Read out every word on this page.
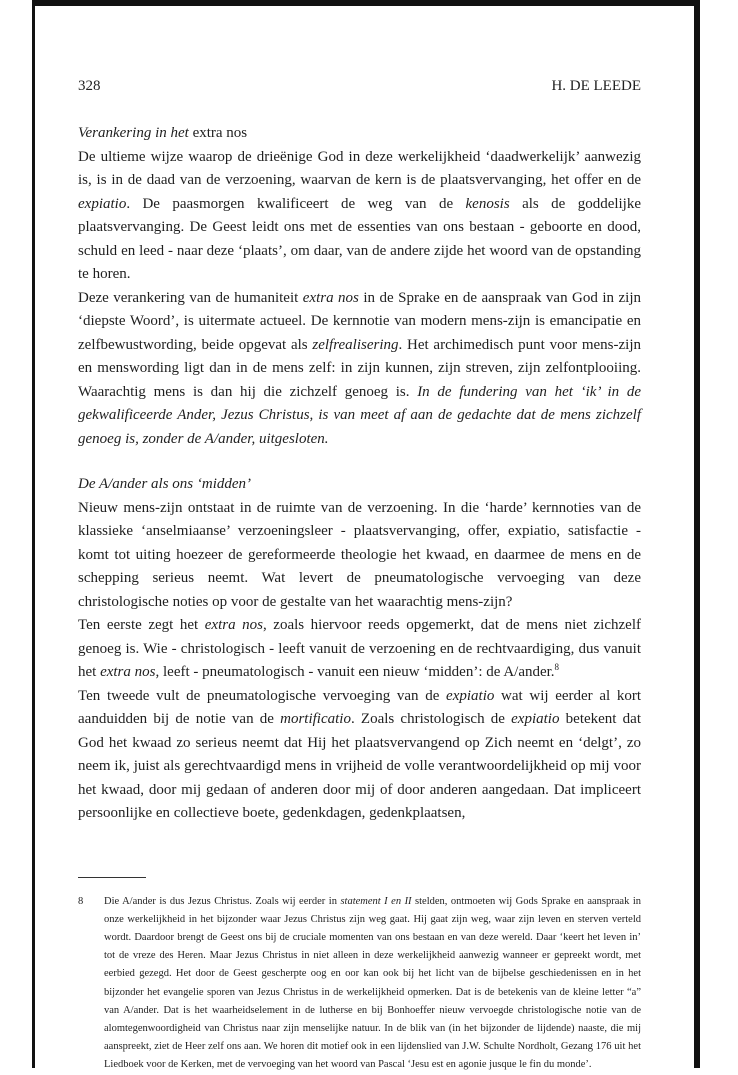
328	H. DE LEEDE

Verankering in het extra nos

De ultieme wijze waarop de drieënige God in deze werkelijkheid ‘daadwerkelijk’ aanwezig is, is in de daad van de verzoening, waarvan de kern is de plaatsvervanging, het offer en de expiatio. De paasmorgen kwalificeert de weg van de kenosis als de goddelijke plaatsvervanging. De Geest leidt ons met de essenties van ons bestaan - geboorte en dood, schuld en leed - naar deze ‘plaats’, om daar, van de andere zijde het woord van de opstanding te horen.

Deze verankering van de humaniteit extra nos in de Sprake en de aanspraak van God in zijn ‘diepste Woord’, is uitermate actueel. De kernnotie van modern mens-zijn is emancipatie en zelfbewustwording, beide opgevat als zelfrealisering. Het archimedisch punt voor mens-zijn en menswording ligt dan in de mens zelf: in zijn kunnen, zijn streven, zijn zelfontplooiing. Waarachtig mens is dan hij die zichzelf genoeg is. In de fundering van het ‘ik’ in de gekwalificeerde Ander, Jezus Christus, is van meet af aan de gedachte dat de mens zichzelf genoeg is, zonder de A/ander, uitgesloten.

De A/ander als ons ‘midden’

Nieuw mens-zijn ontstaat in de ruimte van de verzoening. In die ‘harde’ kernnoties van de klassieke ‘anselmiaanse’ verzoeningsleer - plaatsvervanging, offer, expiatio, satisfactie - komt tot uiting hoezeer de gereformeerde theologie het kwaad, en daarmee de mens en de schepping serieus neemt. Wat levert de pneumatologische vervoeging van deze christologische noties op voor de gestalte van het waarachtig mens-zijn?

Ten eerste zegt het extra nos, zoals hiervoor reeds opgemerkt, dat de mens niet zichzelf genoeg is. Wie - christologisch - leeft vanuit de verzoening en de rechtvaardiging, dus vanuit het extra nos, leeft - pneumatologisch - vanuit een nieuw ‘midden’: de A/ander.$^8$

Ten tweede vult de pneumatologische vervoeging van de expiatio wat wij eerder al kort aanduidden bij de notie van de mortificatio. Zoals christologisch de expiatio betekent dat God het kwaad zo serieus neemt dat Hij het plaatsvervangend op Zich neemt en ‘delgt’, zo neem ik, juist als gerechtvaardigd mens in vrijheid de volle verantwoordelijkheid op mij voor het kwaad, door mij gedaan of anderen door mij of door anderen aangedaan. Dat impliceert persoonlijke en collectieve boete, gedenkdagen, gedenkplaatsen,

8	Die A/ander is dus Jezus Christus. Zoals wij eerder in statement I en II stelden, ontmoeten wij Gods Sprake en aanspraak in onze werkelijkheid in het bijzonder waar Jezus Christus zijn weg gaat. Hij gaat zijn weg, waar zijn leven en sterven verteld wordt. Daardoor brengt de Geest ons bij de cruciale momenten van ons bestaan en van deze wereld. Daar ‘keert het leven in’ tot de vreze des Heren. Maar Jezus Christus in niet alleen in deze werkelijkheid aanwezig wanneer er gepreekt wordt, met eerbied gezegd. Het door de Geest gescherpte oog en oor kan ook bij het licht van de bijbelse geschiedenissen en in het bijzonder het evangelie sporen van Jezus Christus in de werkelijkheid opmerken. Dat is de betekenis van de kleine letter “a” van A/ander. Dat is het waarheidselement in de lutherse en bij Bonhoeffer nieuw vervoegde christologische notie van de alomtegenwoordigheid van Christus naar zijn menselijke natuur. In de blik van (in het bijzonder de lijdende) naaste, die mij aanspreekt, ziet de Heer zelf ons aan. We horen dit motief ook in een lijdenslied van J.W. Schulte Nordholt, Gezang 176 uit het Liedboek voor de Kerken, met de vervoeging van het woord van Pascal ‘Jesu est en agonie jusque le fin du monde’.
